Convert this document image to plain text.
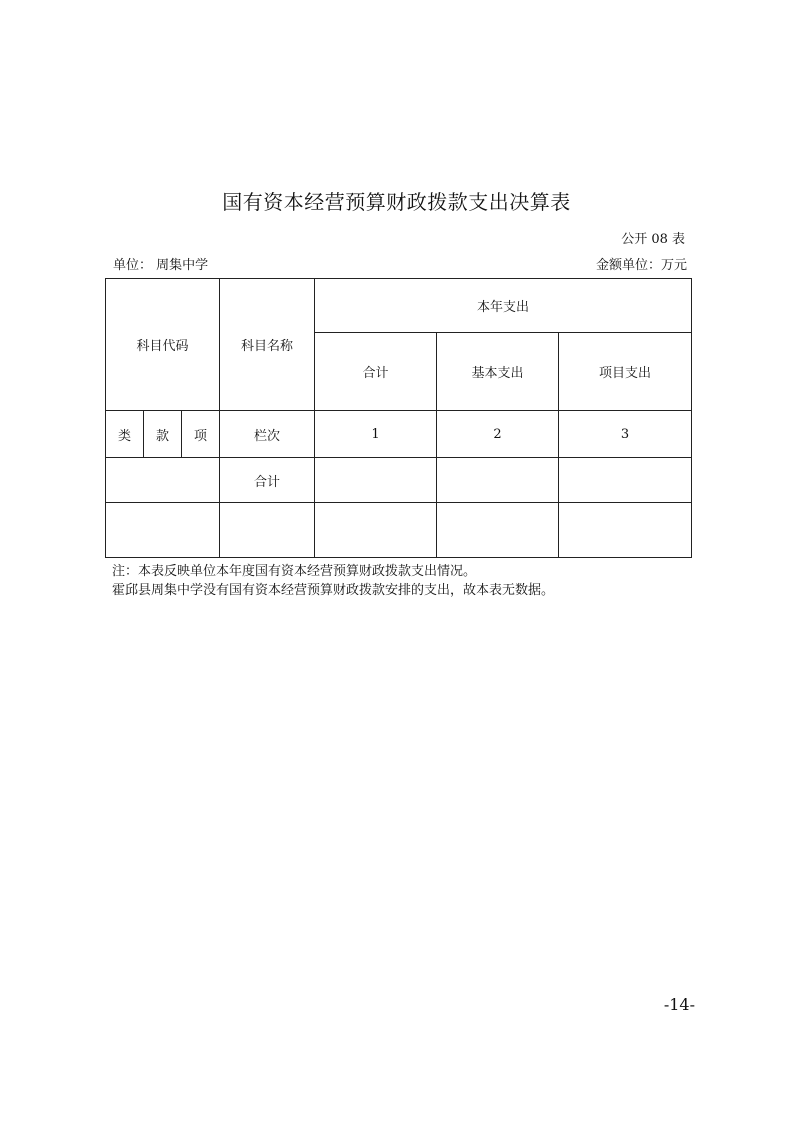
国有资本经营预算财政拨款支出决算表
公开 08 表
单位： 周集中学	金额单位：万元
科目代码			科目名称	本年支出		
				合计	基本支出	项目支出
类	款	项	栏次	1	2	3
			合计			

注：本表反映单位本年度国有资本经营预算财政拨款支出情况。
霍邱县周集中学没有国有资本经营预算财政拨款安排的支出，故本表无数据。
-14-
